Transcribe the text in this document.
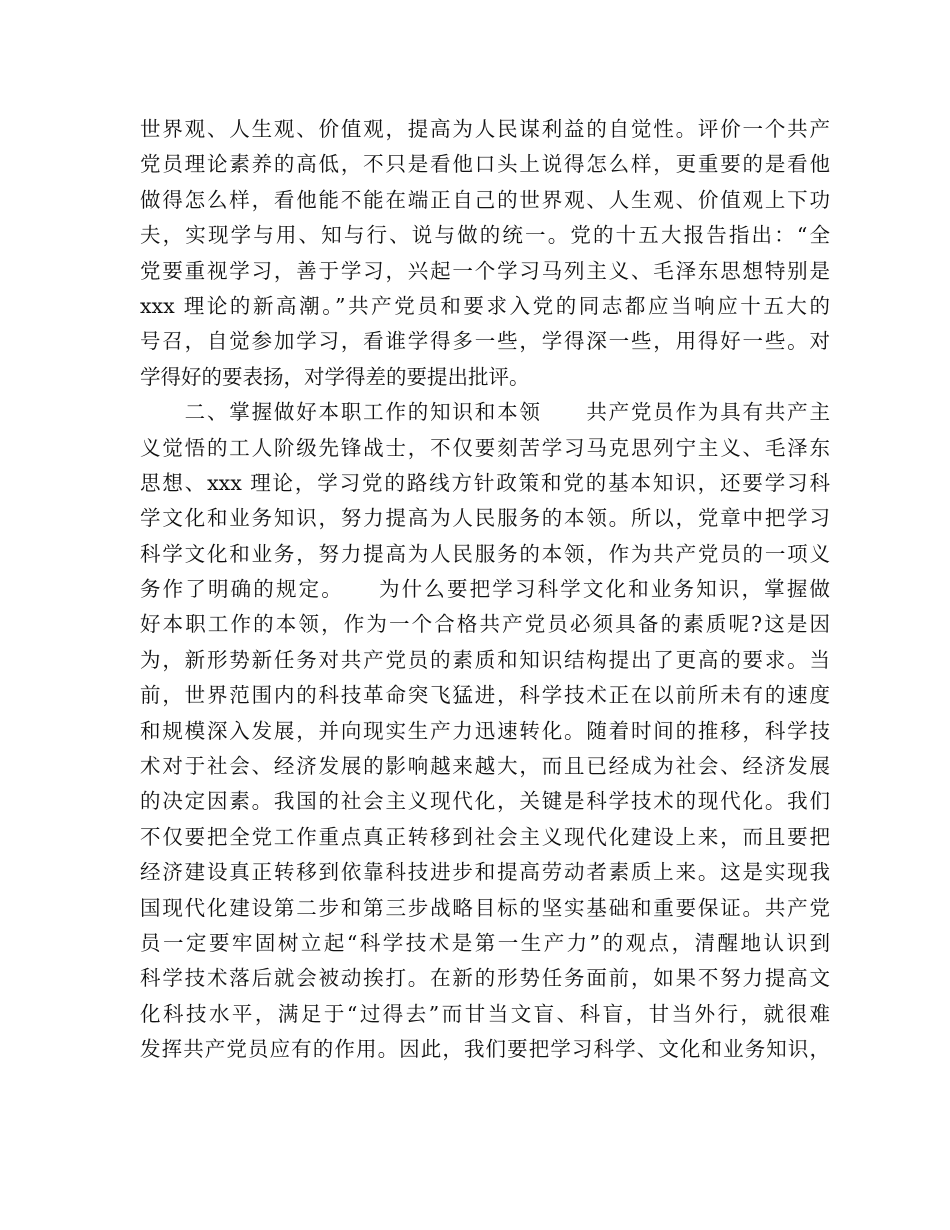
世界观、人生观、价值观，提高为人民谋利益的自觉性。评价一个共产
党员理论素养的高低，不只是看他口头上说得怎么样，更重要的是看他
做得怎么样，看他能不能在端正自己的世界观、人生观、价值观上下功
夫，实现学与用、知与行、说与做的统一。党的十五大报告指出：“全
党要重视学习，善于学习，兴起一个学习马列主义、毛泽东思想特别是
xxx 理论的新高潮。”共产党员和要求入党的同志都应当响应十五大的
号召，自觉参加学习，看谁学得多一些，学得深一些，用得好一些。对
学得好的要表扬，对学得差的要提出批评。
　　二、掌握做好本职工作的知识和本领　　共产党员作为具有共产主
义觉悟的工人阶级先锋战士，不仅要刻苦学习马克思列宁主义、毛泽东
思想、xxx 理论，学习党的路线方针政策和党的基本知识，还要学习科
学文化和业务知识，努力提高为人民服务的本领。所以，党章中把学习
科学文化和业务，努力提高为人民服务的本领，作为共产党员的一项义
务作了明确的规定。　　为什么要把学习科学文化和业务知识，掌握做
好本职工作的本领，作为一个合格共产党员必须具备的素质呢?这是因
为，新形势新任务对共产党员的素质和知识结构提出了更高的要求。当
前，世界范围内的科技革命突飞猛进，科学技术正在以前所未有的速度
和规模深入发展，并向现实生产力迅速转化。随着时间的推移，科学技
术对于社会、经济发展的影响越来越大，而且已经成为社会、经济发展
的决定因素。我国的社会主义现代化，关键是科学技术的现代化。我们
不仅要把全党工作重点真正转移到社会主义现代化建设上来，而且要把
经济建设真正转移到依靠科技进步和提高劳动者素质上来。这是实现我
国现代化建设第二步和第三步战略目标的坚实基础和重要保证。共产党
员一定要牢固树立起“科学技术是第一生产力”的观点，清醒地认识到
科学技术落后就会被动挨打。在新的形势任务面前，如果不努力提高文
化科技水平，满足于“过得去”而甘当文盲、科盲，甘当外行，就很难
发挥共产党员应有的作用。因此，我们要把学习科学、文化和业务知识，
